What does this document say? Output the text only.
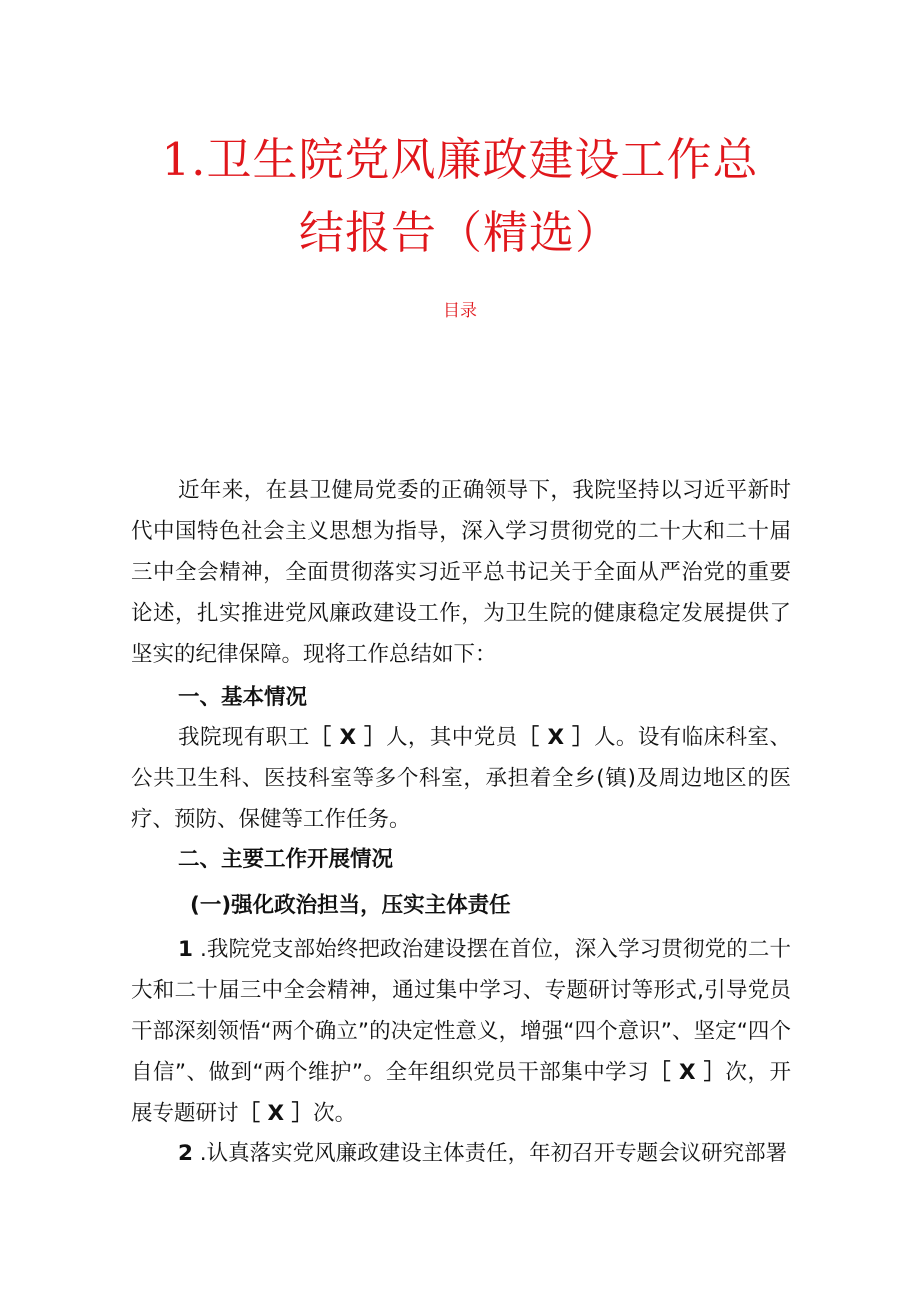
1.卫生院党风廉政建设工作总
结报告（精选）
目录

近年来，在县卫健局党委的正确领导下，我院坚持以习近平新时代中国特色社会主义思想为指导，深入学习贯彻党的二十大和二十届三中全会精神，全面贯彻落实习近平总书记关于全面从严治党的重要论述，扎实推进党风廉政建设工作，为卫生院的健康稳定发展提供了坚实的纪律保障。现将工作总结如下：

一、基本情况

我院现有职工［ X ］人，其中党员［ X ］人。设有临床科室、公共卫生科、医技科室等多个科室，承担着全乡(镇)及周边地区的医疗、预防、保健等工作任务。

二、主要工作开展情况
(一)强化政治担当，压实主体责任

1 .我院党支部始终把政治建设摆在首位，深入学习贯彻党的二十大和二十届三中全会精神，通过集中学习、专题研讨等形式,引导党员干部深刻领悟“两个确立”的决定性意义，增强“四个意识”、坚定“四个自信”、做到“两个维护”。全年组织党员干部集中学习［ X ］次，开展专题研讨［ X ］次。

2 .认真落实党风廉政建设主体责任，年初召开专题会议研究部署
